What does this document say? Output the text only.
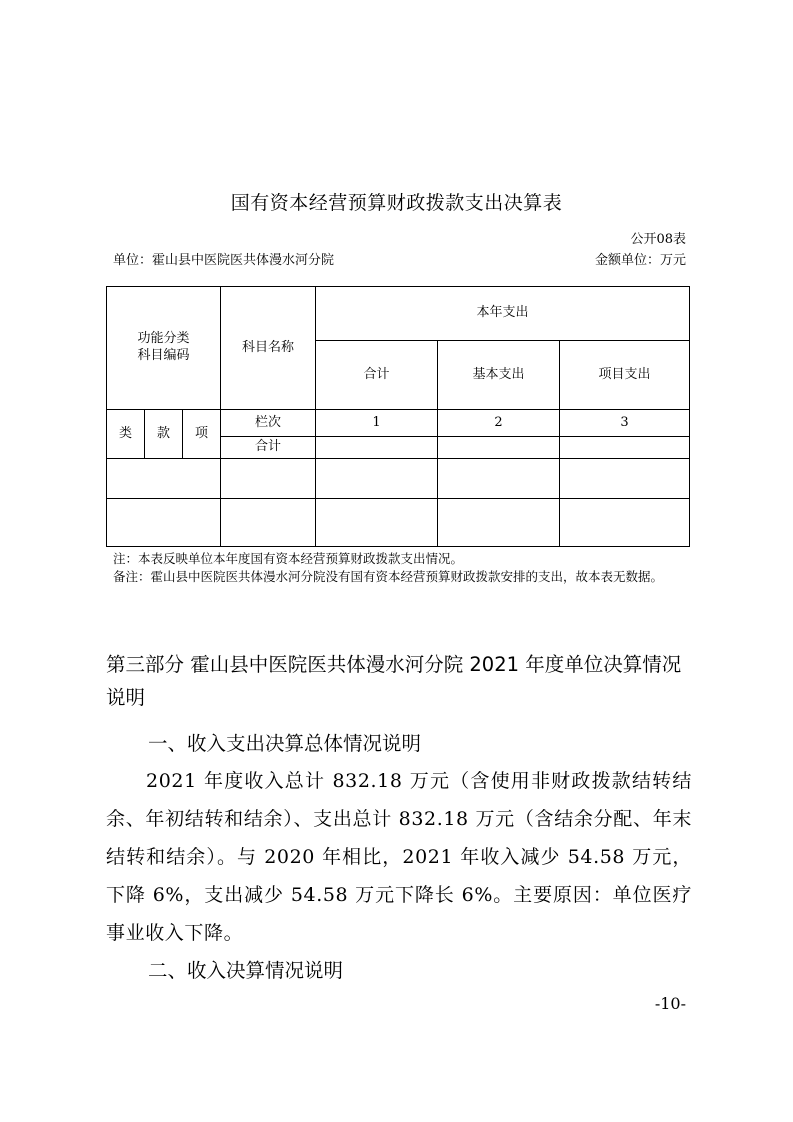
国有资本经营预算财政拨款支出决算表
公开08表
单位：霍山县中医院医共体漫水河分院	金额单位：万元
功能分类
科目编码			科目名称	本年支出		
				合计	基本支出	项目支出
类	款	项	栏次	1	2	3
			合计			

注：本表反映单位本年度国有资本经营预算财政拨款支出情况。
备注：霍山县中医院医共体漫水河分院没有国有资本经营预算财政拨款安排的支出，故本表无数据。
第三部分 霍山县中医院医共体漫水河分院 2021 年度单位决算情况说明
一、收入支出决算总体情况说明
2021 年度收入总计 832.18 万元（含使用非财政拨款结转结余、年初结转和结余）、支出总计 832.18 万元（含结余分配、年末结转和结余）。与 2020 年相比，2021 年收入减少 54.58 万元，下降 6%，支出减少 54.58 万元下降长 6%。主要原因：单位医疗事业收入下降。
二、收入决算情况说明
-10-
